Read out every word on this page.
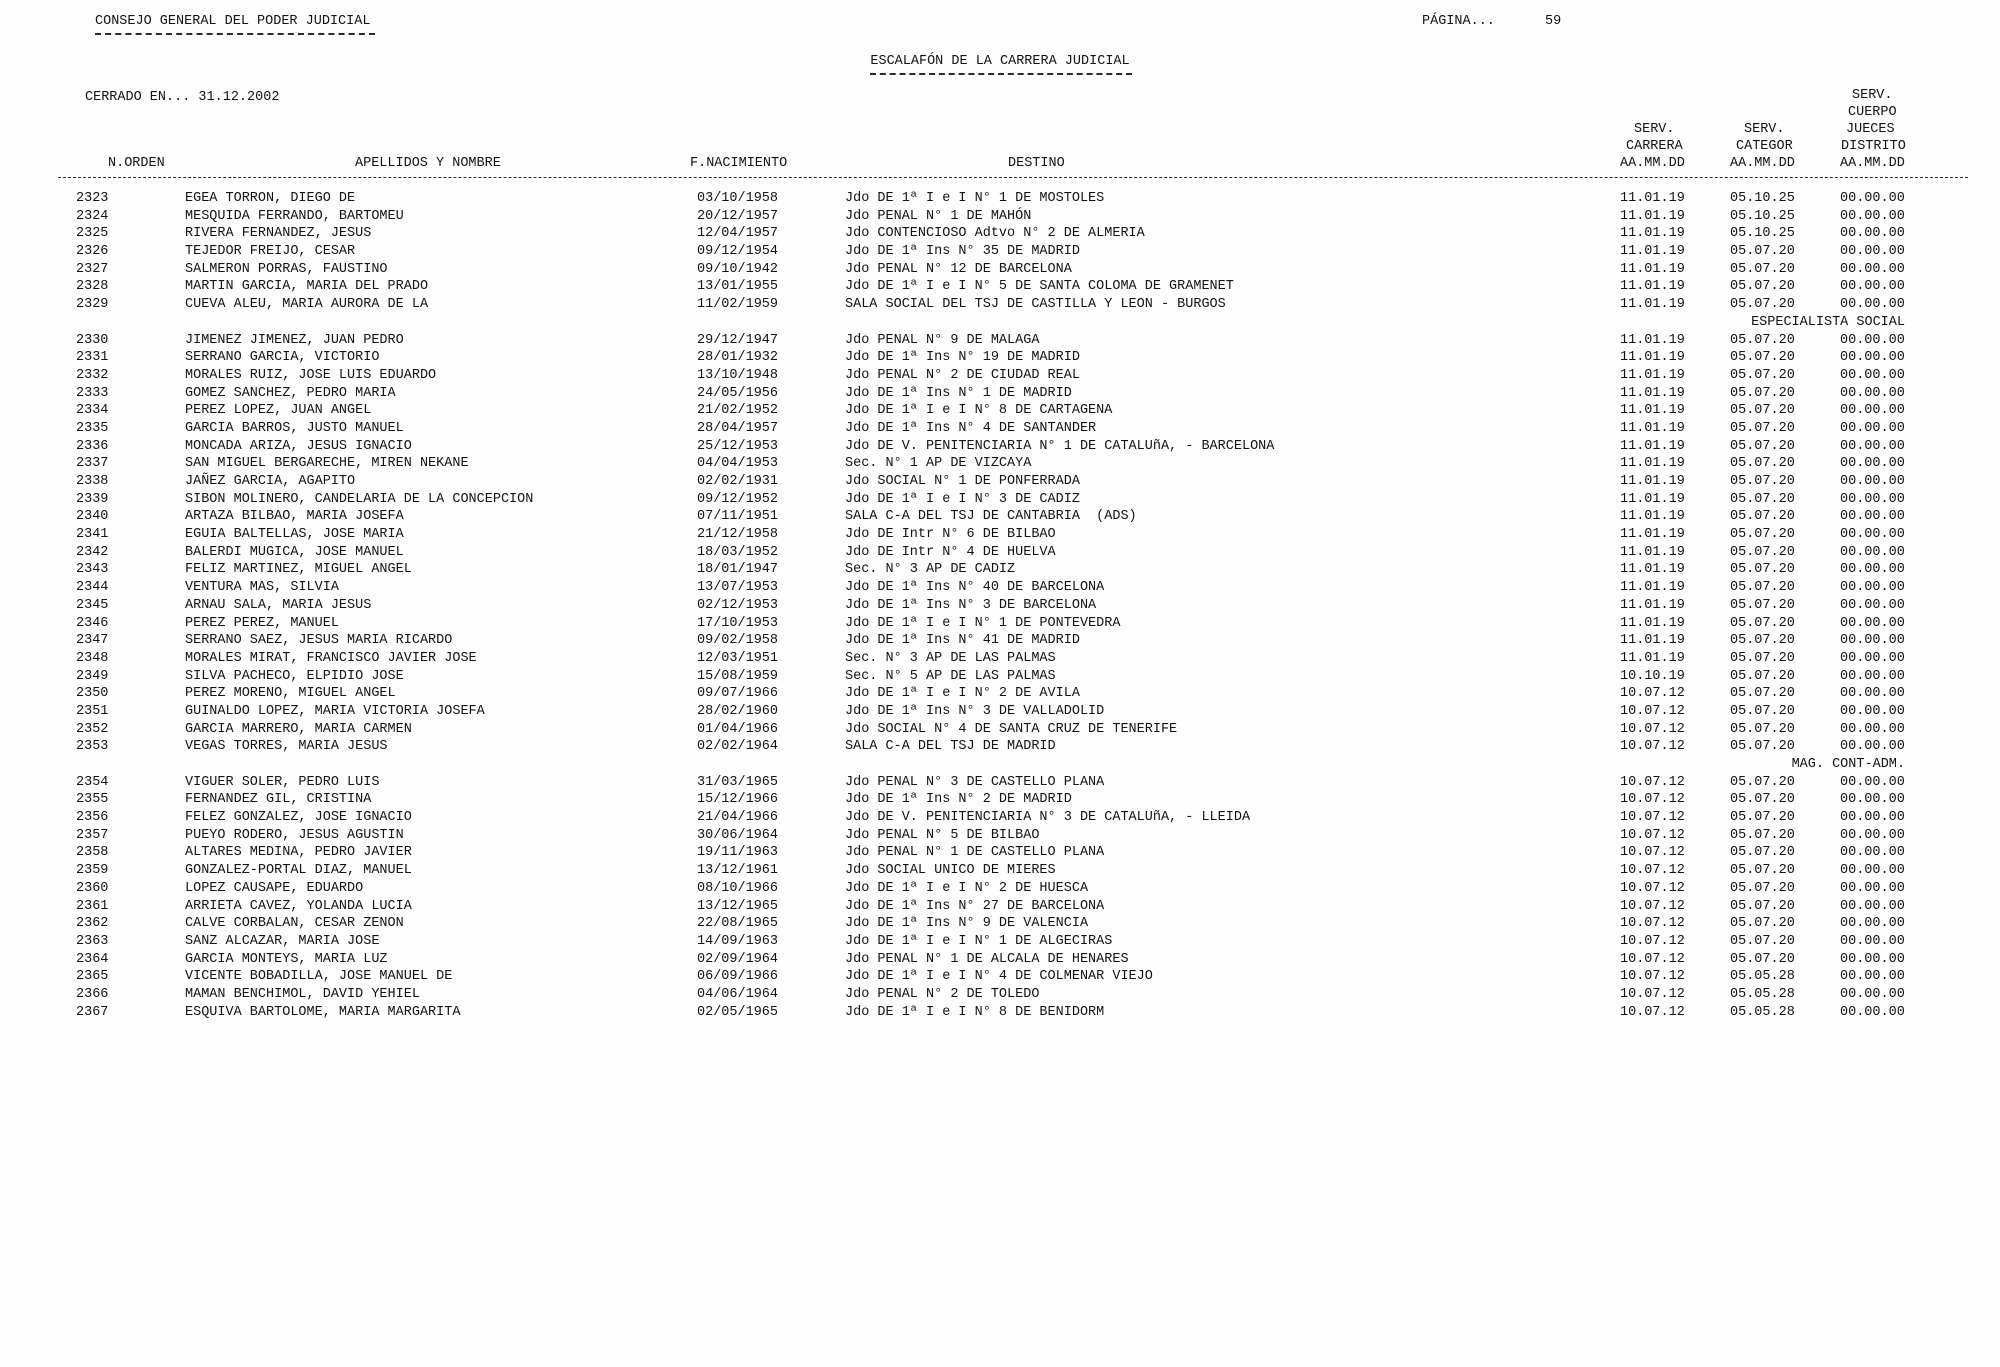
CONSEJO GENERAL DEL PODER JUDICIAL	PÁGINA...	59
ESCALAFÓN DE LA CARRERA JUDICIAL
CERRADO EN... 31.12.2002	SERV.
CUERPO
SERV.	SERV.	JUECES
CARRERA	CATEGOR	DISTRITO
N.ORDEN	APELLIDOS Y NOMBRE	F.NACIMIENTO	DESTINO	AA.MM.DD	AA.MM.DD	AA.MM.DD
2323	EGEA TORRON, DIEGO DE	03/10/1958	Jdo DE 1ª I e I N° 1 DE MOSTOLES	11.01.19	05.10.25	00.00.00
2324	MESQUIDA FERRANDO, BARTOMEU	20/12/1957	Jdo PENAL N° 1 DE MAHÓN	11.01.19	05.10.25	00.00.00
2325	RIVERA FERNANDEZ, JESUS	12/04/1957	Jdo CONTENCIOSO Adtvo N° 2 DE ALMERIA	11.01.19	05.10.25	00.00.00
2326	TEJEDOR FREIJO, CESAR	09/12/1954	Jdo DE 1ª Ins N° 35 DE MADRID	11.01.19	05.07.20	00.00.00
2327	SALMERON PORRAS, FAUSTINO	09/10/1942	Jdo PENAL N° 12 DE BARCELONA	11.01.19	05.07.20	00.00.00
2328	MARTIN GARCIA, MARIA DEL PRADO	13/01/1955	Jdo DE 1ª I e I N° 5 DE SANTA COLOMA DE GRAMENET	11.01.19	05.07.20	00.00.00
2329	CUEVA ALEU, MARIA AURORA DE LA	11/02/1959	SALA SOCIAL DEL TSJ DE CASTILLA Y LEON - BURGOS	11.01.19	05.07.20	00.00.00
ESPECIALISTA SOCIAL
2330	JIMENEZ JIMENEZ, JUAN PEDRO	29/12/1947	Jdo PENAL N° 9 DE MALAGA	11.01.19	05.07.20	00.00.00
2331	SERRANO GARCIA, VICTORIO	28/01/1932	Jdo DE 1ª Ins N° 19 DE MADRID	11.01.19	05.07.20	00.00.00
2332	MORALES RUIZ, JOSE LUIS EDUARDO	13/10/1948	Jdo PENAL N° 2 DE CIUDAD REAL	11.01.19	05.07.20	00.00.00
2333	GOMEZ SANCHEZ, PEDRO MARIA	24/05/1956	Jdo DE 1ª Ins N° 1 DE MADRID	11.01.19	05.07.20	00.00.00
2334	PEREZ LOPEZ, JUAN ANGEL	21/02/1952	Jdo DE 1ª I e I N° 8 DE CARTAGENA	11.01.19	05.07.20	00.00.00
2335	GARCIA BARROS, JUSTO MANUEL	28/04/1957	Jdo DE 1ª Ins N° 4 DE SANTANDER	11.01.19	05.07.20	00.00.00
2336	MONCADA ARIZA, JESUS IGNACIO	25/12/1953	Jdo DE V. PENITENCIARIA N° 1 DE CATALUñA, - BARCELONA	11.01.19	05.07.20	00.00.00
2337	SAN MIGUEL BERGARECHE, MIREN NEKANE	04/04/1953	Sec. N° 1 AP DE VIZCAYA	11.01.19	05.07.20	00.00.00
2338	JAÑEZ GARCIA, AGAPITO	02/02/1931	Jdo SOCIAL N° 1 DE PONFERRADA	11.01.19	05.07.20	00.00.00
2339	SIBON MOLINERO, CANDELARIA DE LA CONCEPCION	09/12/1952	Jdo DE 1ª I e I N° 3 DE CADIZ	11.01.19	05.07.20	00.00.00
2340	ARTAZA BILBAO, MARIA JOSEFA	07/11/1951	SALA C-A DEL TSJ DE CANTABRIA  (ADS)	11.01.19	05.07.20	00.00.00
2341	EGUIA BALTELLAS, JOSE MARIA	21/12/1958	Jdo DE Intr N° 6 DE BILBAO	11.01.19	05.07.20	00.00.00
2342	BALERDI MUGICA, JOSE MANUEL	18/03/1952	Jdo DE Intr N° 4 DE HUELVA	11.01.19	05.07.20	00.00.00
2343	FELIZ MARTINEZ, MIGUEL ANGEL	18/01/1947	Sec. N° 3 AP DE CADIZ	11.01.19	05.07.20	00.00.00
2344	VENTURA MAS, SILVIA	13/07/1953	Jdo DE 1ª Ins N° 40 DE BARCELONA	11.01.19	05.07.20	00.00.00
2345	ARNAU SALA, MARIA JESUS	02/12/1953	Jdo DE 1ª Ins N° 3 DE BARCELONA	11.01.19	05.07.20	00.00.00
2346	PEREZ PEREZ, MANUEL	17/10/1953	Jdo DE 1ª I e I N° 1 DE PONTEVEDRA	11.01.19	05.07.20	00.00.00
2347	SERRANO SAEZ, JESUS MARIA RICARDO	09/02/1958	Jdo DE 1ª Ins N° 41 DE MADRID	11.01.19	05.07.20	00.00.00
2348	MORALES MIRAT, FRANCISCO JAVIER JOSE	12/03/1951	Sec. N° 3 AP DE LAS PALMAS	11.01.19	05.07.20	00.00.00
2349	SILVA PACHECO, ELPIDIO JOSE	15/08/1959	Sec. N° 5 AP DE LAS PALMAS	10.10.19	05.07.20	00.00.00
2350	PEREZ MORENO, MIGUEL ANGEL	09/07/1966	Jdo DE 1ª I e I N° 2 DE AVILA	10.07.12	05.07.20	00.00.00
2351	GUINALDO LOPEZ, MARIA VICTORIA JOSEFA	28/02/1960	Jdo DE 1ª Ins N° 3 DE VALLADOLID	10.07.12	05.07.20	00.00.00
2352	GARCIA MARRERO, MARIA CARMEN	01/04/1966	Jdo SOCIAL N° 4 DE SANTA CRUZ DE TENERIFE	10.07.12	05.07.20	00.00.00
2353	VEGAS TORRES, MARIA JESUS	02/02/1964	SALA C-A DEL TSJ DE MADRID	10.07.12	05.07.20	00.00.00
MAG. CONT-ADM.
2354	VIGUER SOLER, PEDRO LUIS	31/03/1965	Jdo PENAL N° 3 DE CASTELLO PLANA	10.07.12	05.07.20	00.00.00
2355	FERNANDEZ GIL, CRISTINA	15/12/1966	Jdo DE 1ª Ins N° 2 DE MADRID	10.07.12	05.07.20	00.00.00
2356	FELEZ GONZALEZ, JOSE IGNACIO	21/04/1966	Jdo DE V. PENITENCIARIA N° 3 DE CATALUñA, - LLEIDA	10.07.12	05.07.20	00.00.00
2357	PUEYO RODERO, JESUS AGUSTIN	30/06/1964	Jdo PENAL N° 5 DE BILBAO	10.07.12	05.07.20	00.00.00
2358	ALTARES MEDINA, PEDRO JAVIER	19/11/1963	Jdo PENAL N° 1 DE CASTELLO PLANA	10.07.12	05.07.20	00.00.00
2359	GONZALEZ-PORTAL DIAZ, MANUEL	13/12/1961	Jdo SOCIAL UNICO DE MIERES	10.07.12	05.07.20	00.00.00
2360	LOPEZ CAUSAPE, EDUARDO	08/10/1966	Jdo DE 1ª I e I N° 2 DE HUESCA	10.07.12	05.07.20	00.00.00
2361	ARRIETA CAVEZ, YOLANDA LUCIA	13/12/1965	Jdo DE 1ª Ins N° 27 DE BARCELONA	10.07.12	05.07.20	00.00.00
2362	CALVE CORBALAN, CESAR ZENON	22/08/1965	Jdo DE 1ª Ins N° 9 DE VALENCIA	10.07.12	05.07.20	00.00.00
2363	SANZ ALCAZAR, MARIA JOSE	14/09/1963	Jdo DE 1ª I e I N° 1 DE ALGECIRAS	10.07.12	05.07.20	00.00.00
2364	GARCIA MONTEYS, MARIA LUZ	02/09/1964	Jdo PENAL N° 1 DE ALCALA DE HENARES	10.07.12	05.07.20	00.00.00
2365	VICENTE BOBADILLA, JOSE MANUEL DE	06/09/1966	Jdo DE 1ª I e I N° 4 DE COLMENAR VIEJO	10.07.12	05.05.28	00.00.00
2366	MAMAN BENCHIMOL, DAVID YEHIEL	04/06/1964	Jdo PENAL N° 2 DE TOLEDO	10.07.12	05.05.28	00.00.00
2367	ESQUIVA BARTOLOME, MARIA MARGARITA	02/05/1965	Jdo DE 1ª I e I N° 8 DE BENIDORM	10.07.12	05.05.28	00.00.00
